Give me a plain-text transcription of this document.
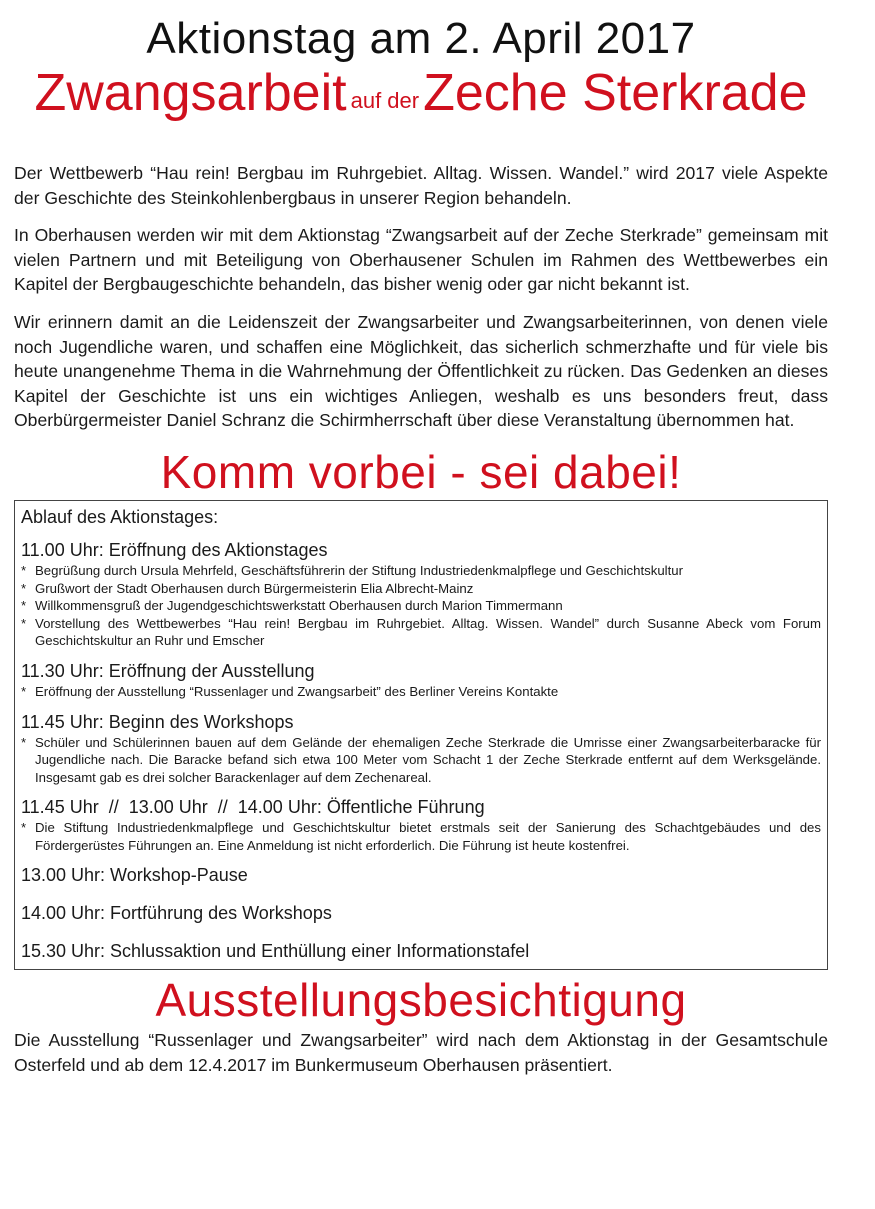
Aktionstag am 2. April 2017
Zwangsarbeit auf derZeche Sterkrade

Der Wettbewerb “Hau rein! Bergbau im Ruhrgebiet. Alltag. Wissen. Wandel.” wird 2017 viele Aspekte der Geschichte des Steinkohlenbergbaus in unserer Region behandeln.

In Oberhausen werden wir mit dem Aktionstag “Zwangsarbeit auf der Zeche Sterkrade” gemeinsam mit vielen Partnern und mit Beteiligung von Oberhausener Schulen im Rahmen des Wettbewerbes ein Kapitel der Bergbaugeschichte behandeln, das bisher wenig oder gar nicht bekannt ist.

Wir erinnern damit an die Leidenszeit der Zwangsarbeiter und Zwangsarbeiterinnen, von denen viele noch Jugendliche waren, und schaffen eine Möglichkeit, das sicherlich schmerzhafte und für viele bis heute unangenehme Thema in die Wahrnehmung der Öffentlichkeit zu rücken. Das Gedenken an dieses Kapitel der Geschichte ist uns ein wichtiges Anliegen, weshalb es uns besonders freut, dass Oberbürgermeister Daniel Schranz die Schirmherrschaft über diese Veranstaltung übernommen hat.

Komm vorbei - sei dabei!
Ablauf des Aktionstages:
11.00 Uhr: Eröffnung des Aktionstages
* Begrüßung durch Ursula Mehrfeld, Geschäftsführerin der Stiftung Industriedenkmalpflege und Geschichtskultur
* Grußwort der Stadt Oberhausen durch Bürgermeisterin Elia Albrecht-Mainz
* Willkommensgruß der Jugendgeschichtswerkstatt Oberhausen durch Marion Timmermann
* Vorstellung des Wettbewerbes “Hau rein! Bergbau im Ruhrgebiet. Alltag. Wissen. Wandel” durch Susanne Abeck vom Forum Geschichtskultur an Ruhr und Emscher
11.30 Uhr: Eröffnung der Ausstellung
* Eröffnung der Ausstellung “Russenlager und Zwangsarbeit” des Berliner Vereins Kontakte
11.45 Uhr: Beginn des Workshops
* Schüler und Schülerinnen bauen auf dem Gelände der ehemaligen Zeche Sterkrade die Umrisse einer Zwangsarbeiterbaracke für Jugendliche nach. Die Baracke befand sich etwa 100 Meter vom Schacht 1 der Zeche Sterkrade entfernt auf dem Werksgelände. Insgesamt gab es drei solcher Barackenlager auf dem Zechenareal.
11.45 Uhr  //  13.00 Uhr  //  14.00 Uhr: Öffentliche Führung
* Die Stiftung Industriedenkmalpflege und Geschichtskultur bietet erstmals seit der Sanierung des Schachtgebäudes und des Fördergerüstes Führungen an. Eine Anmeldung ist nicht erforderlich. Die Führung ist heute kostenfrei.
13.00 Uhr: Workshop-Pause
14.00 Uhr: Fortführung des Workshops
15.30 Uhr: Schlussaktion und Enthüllung einer Informationstafel
Ausstellungsbesichtigung

Die Ausstellung “Russenlager und Zwangsarbeiter” wird nach dem Aktionstag in der Gesamtschule Osterfeld und ab dem 12.4.2017 im Bunkermuseum Oberhausen präsentiert.
